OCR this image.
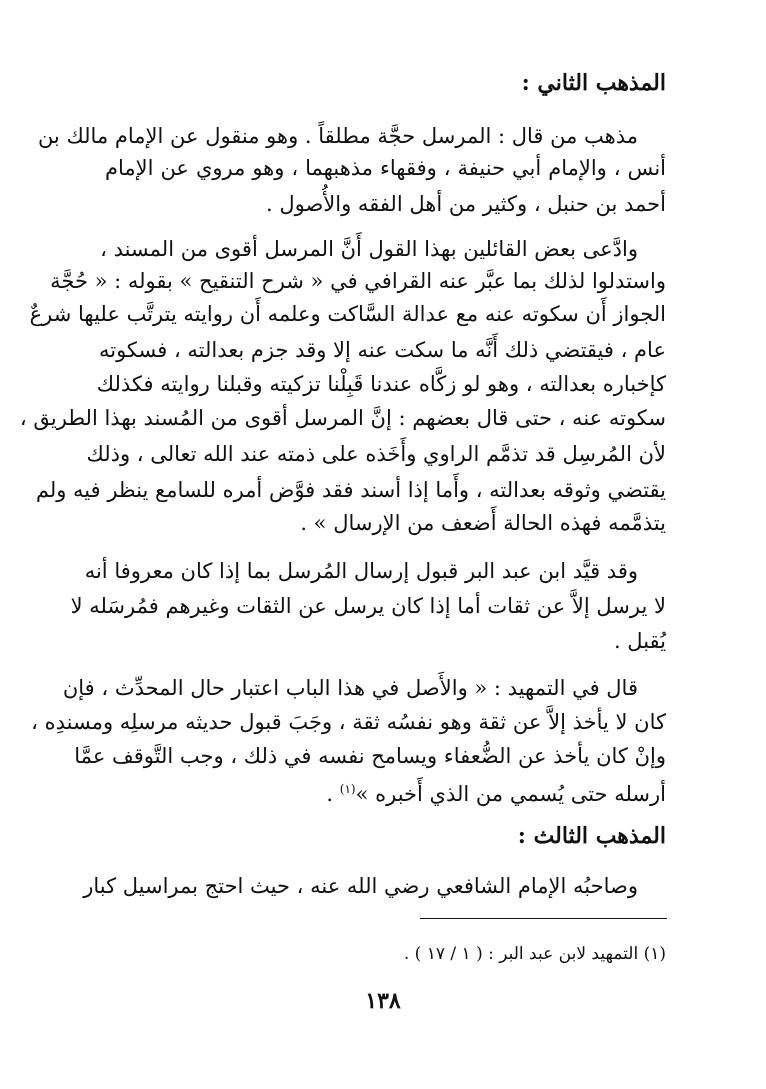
المذهب الثاني :
مذهب من قال : المرسل حجَّة مطلقاً . وهو منقول عن الإمام مالك بن
أنس ، والإمام أبي حنيفة ، وفقهاء مذهبهما ، وهو مروي عن الإمام
أحمد بن حنبل ، وكثير من أهل الفقه والأُصول .
وادَّعى بعض القائلين بهذا القول أَنَّ المرسل أقوى من المسند ،
واستدلوا لذلك بما عبَّر عنه القرافي في « شرح التنقيح » بقوله : « حُجَّة
الجواز أَن سكوته عنه مع عدالة السَّاكت وعلمه أَن روايته يترتَّب عليها شرعٌ
عام ، فيقتضي ذلك أَنَّه ما سكت عنه إلا وقد جزم بعدالته ، فسكوته
كإخباره بعدالته ، وهو لو زكَّاه عندنا قَبِلْنا تزكيته وقبلنا روايته فكذلك
سكوته عنه ، حتى قال بعضهم : إنَّ المرسل أقوى من المُسند بهذا الطريق ،
لأن المُرسِل قد تذمَّم الراوي وأَخَذه على ذمته عند الله تعالى ، وذلك
يقتضي وثوقه بعدالته ، وأَما إذا أسند فقد فوَّض أمره للسامع ينظر فيه ولم
يتذمَّمه فهذه الحالة أَضعف من الإرسال » .
وقد قيَّد ابن عبد البر قبول إرسال المُرسل بما إذا كان معروفا أنه
لا يرسل إلاَّ عن ثقات أما إذا كان يرسل عن الثقات وغيرهم فمُرسَله لا
يُقبل .
قال في التمهيد : « والأَصل في هذا الباب اعتبار حال المحدِّث ، فإن
كان لا يأخذ إلاَّ عن ثقة وهو نفسُه ثقة ، وجَبَ قبول حديثه مرسلِه ومسندِه ،
وإنْ كان يأخذ عن الضُّعفاء ويسامح نفسه في ذلك ، وجب التَّوقف عمَّا
أرسله حتى يُسمي من الذي أَخبره »$^{(١)}$ .
المذهب الثالث :
وصاحبُه الإمام الشافعي رضي الله عنه ، حيث احتج بمراسيل كبار
(١) التمهيد لابن عبد البر : ( ١ / ١٧ ) .
١٣٨
